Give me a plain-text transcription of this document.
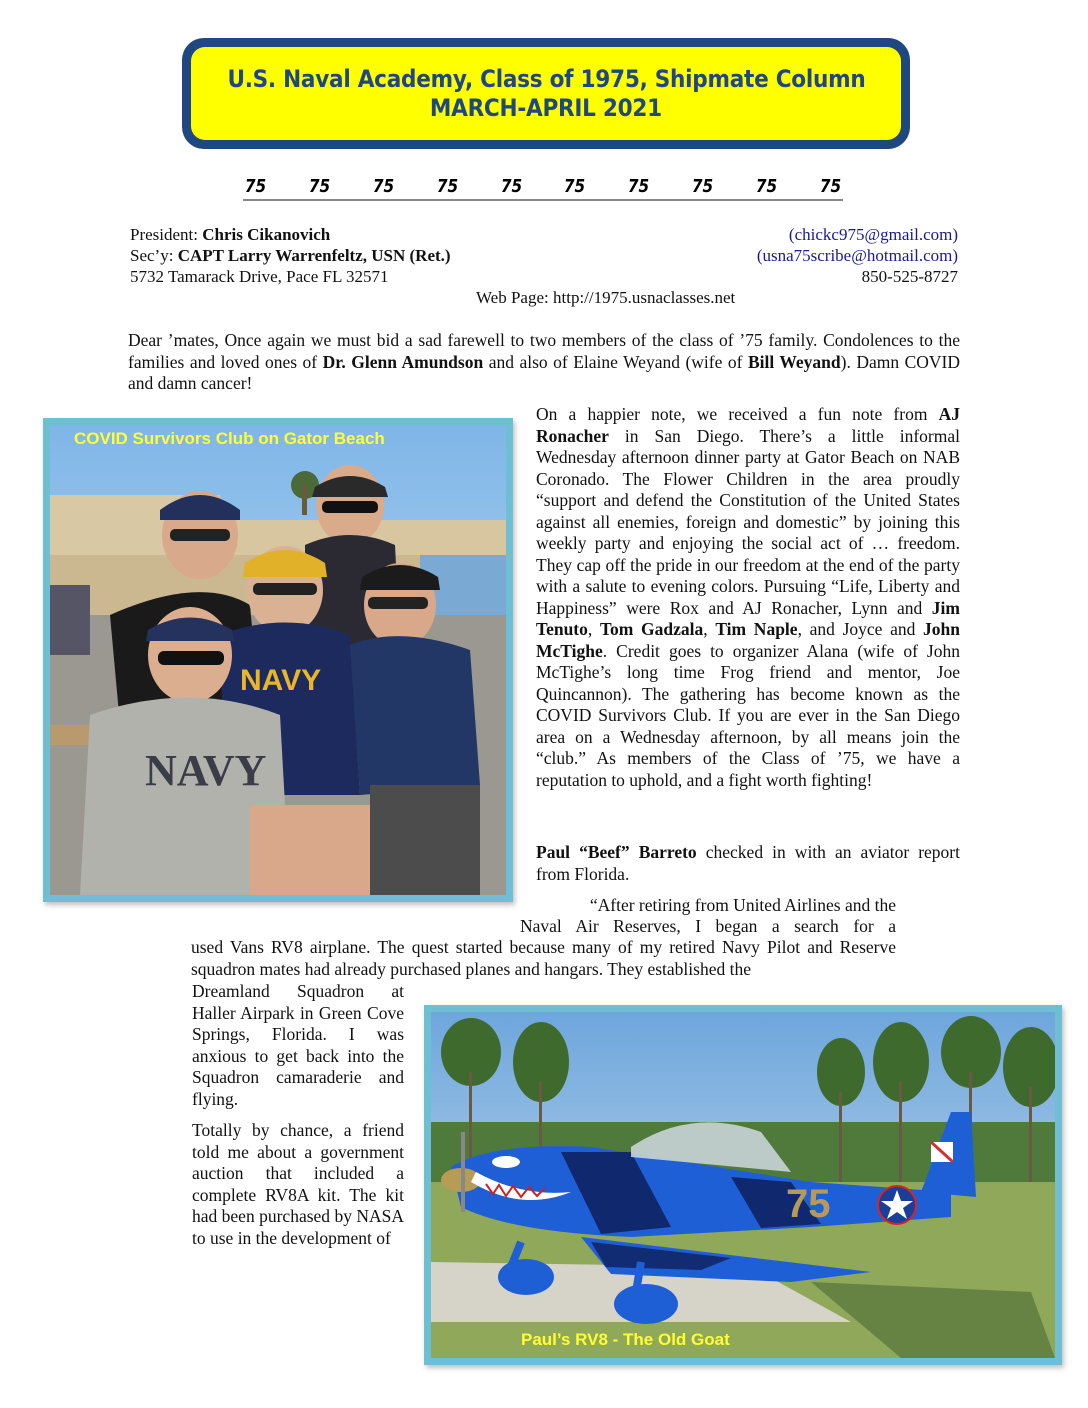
U.S. Naval Academy, Class of 1975, Shipmate Column
MARCH-APRIL 2021
75 75 75 75 75 75 75 75 75 75
President: Chris Cikanovich	(chickc975@gmail.com)
Sec’y: CAPT Larry Warrenfeltz, USN (Ret.)	(usna75scribe@hotmail.com)
5732 Tamarack Drive, Pace FL 32571	850-525-8727
Web Page: http://1975.usnaclasses.net

Dear ’mates, Once again we must bid a sad farewell to two members of the class of ’75 family. Condolences to the families and loved ones of Dr. Glenn Amundson and also of Elaine Weyand (wife of Bill Weyand). Damn COVID and damn cancer!

NAVY
NAVY
COVID Survivors Club on Gator Beach

On a happier note, we received a fun note from AJ Ronacher in San Diego. There’s a little informal Wednesday afternoon dinner party at Gator Beach on NAB Coronado. The Flower Children in the area proudly “support and defend the Constitution of the United States against all enemies, foreign and domestic” by joining this weekly party and enjoying the social act of … freedom. They cap off the pride in our freedom at the end of the party with a salute to evening colors. Pursuing “Life, Liberty and Happiness” were Rox and AJ Ronacher, Lynn and Jim Tenuto, Tom Gadzala, Tim Naple, and Joyce and John McTighe. Credit goes to organizer Alana (wife of John McTighe’s long time Frog friend and mentor, Joe Quincannon). The gathering has become known as the COVID Survivors Club. If you are ever in the San Diego area on a Wednesday afternoon, by all means join the “club.” As members of the Class of ’75, we have a reputation to uphold, and a fight worth fighting!

Paul “Beef” Barreto checked in with an aviator report from Florida.

“After retiring from United Airlines and the
Naval Air Reserves, I began a search for a
used Vans RV8 airplane. The quest started because many of my retired Navy Pilot and Reserve squadron mates had already purchased planes and hangars. They established the

Dreamland Squadron at Haller Airpark in Green Cove Springs, Florida. I was anxious to get back into the Squadron camaraderie and flying.

Totally by chance, a friend told me about a government auction that included a complete RV8A kit. The kit had been purchased by NASA to use in the development of

75
Paul’s RV8 - The Old Goat
